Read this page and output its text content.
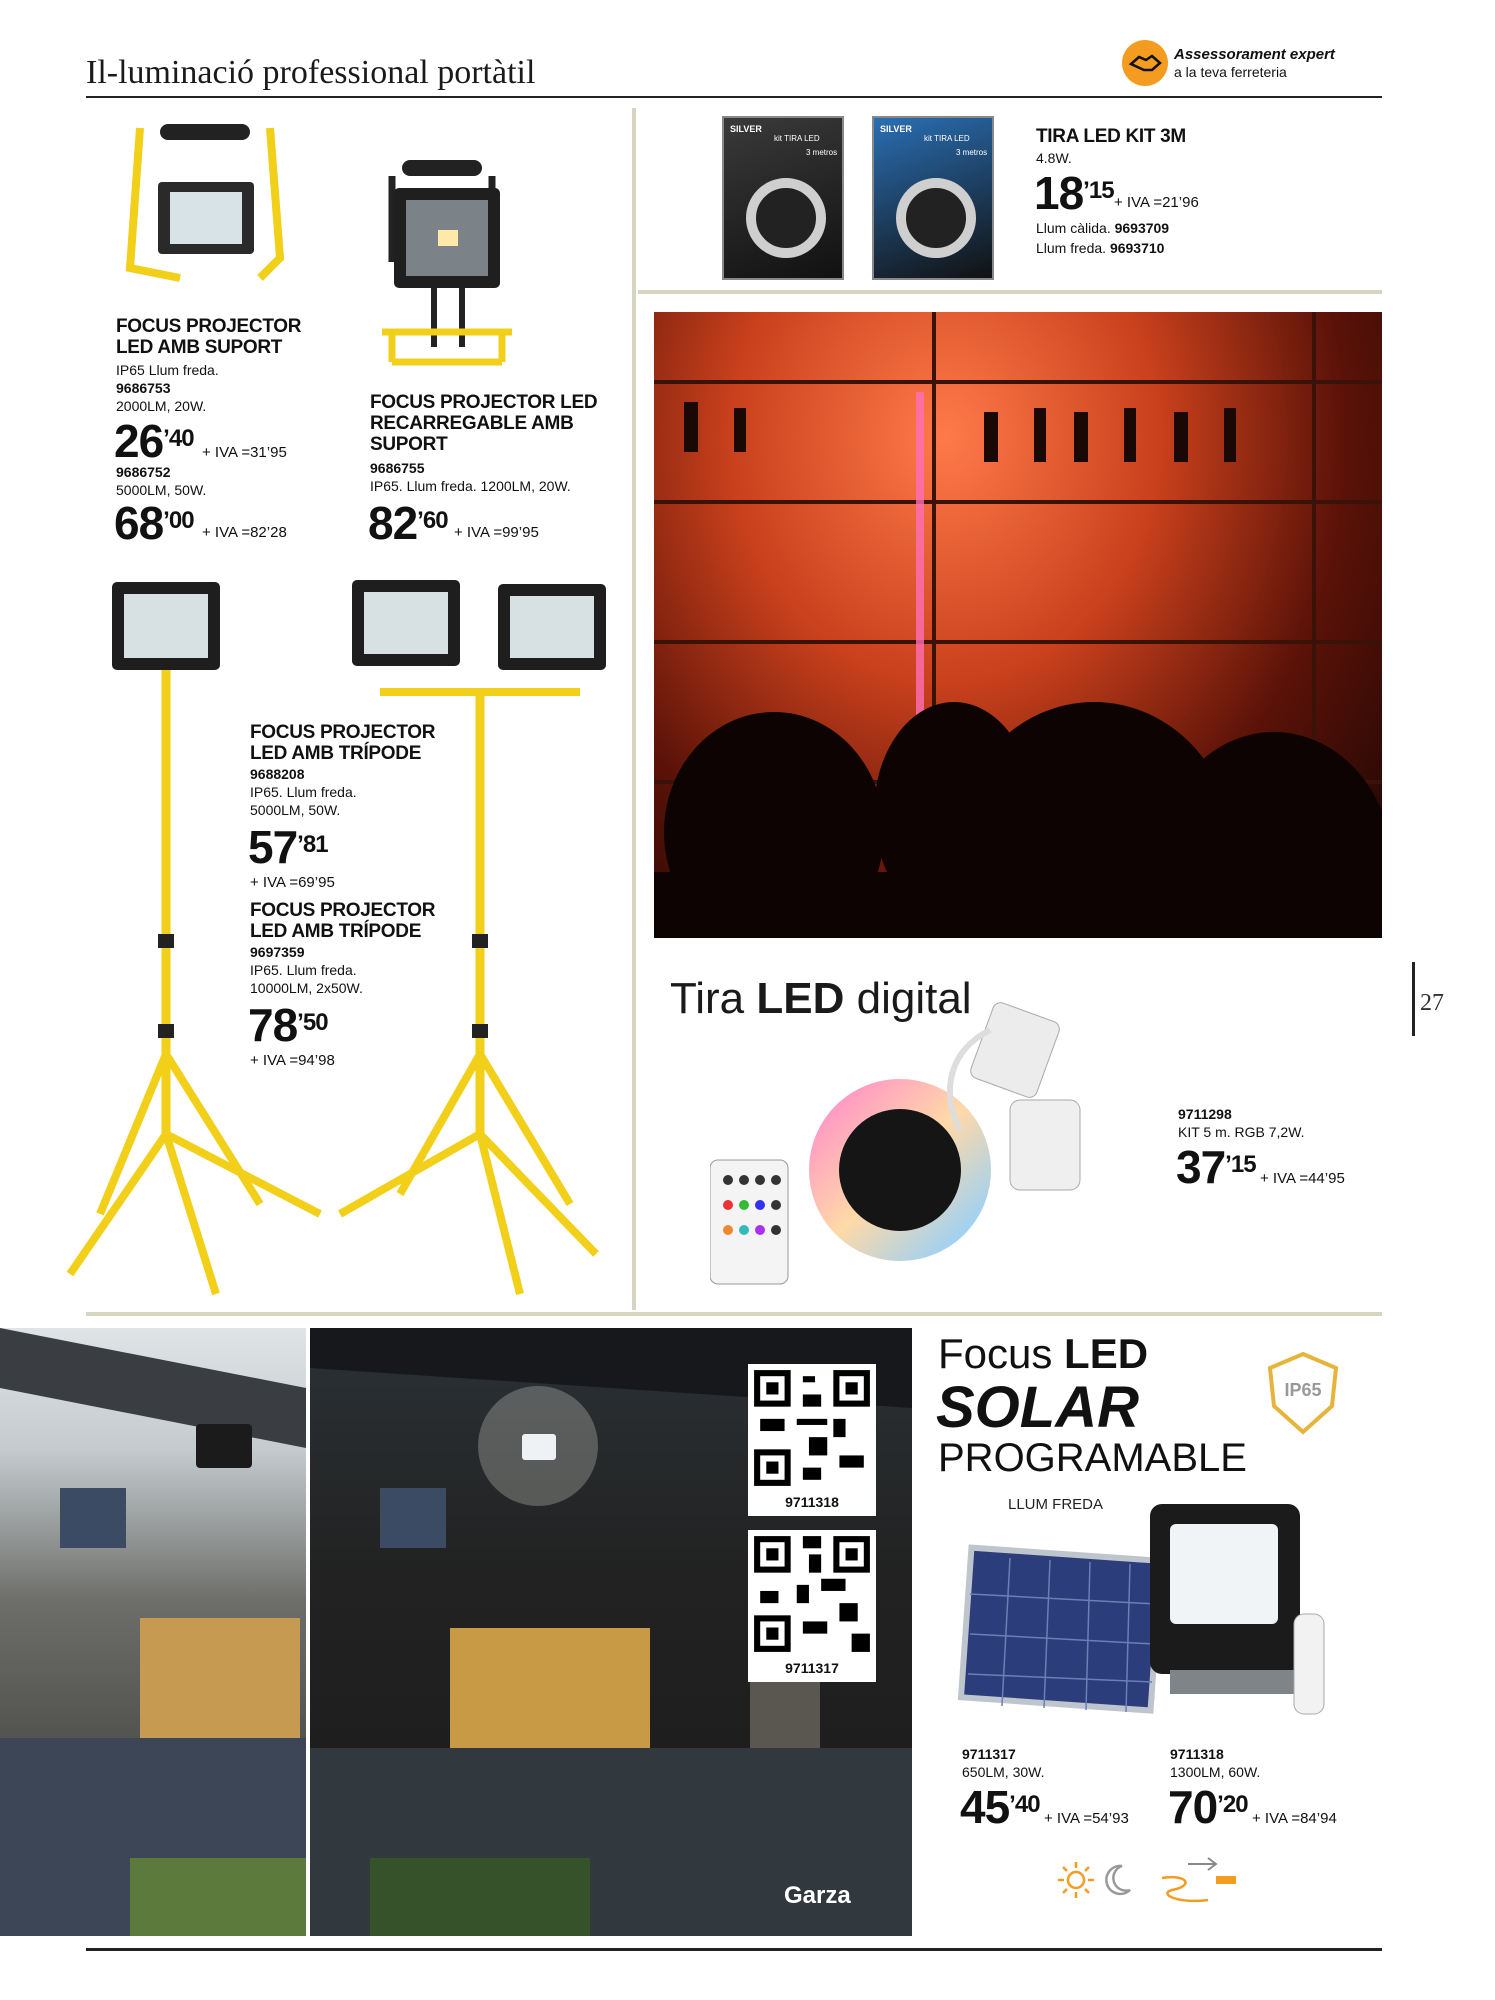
Il-luminació professional portàtil	Assessorament expert
a la teva ferreteria
27
FOCUS PROJECTOR
LED AMB SUPORT
IP65 Llum freda.
9686753
2000LM, 20W.
$26^{’40}$
+ IVA =31’95
9686752
5000LM, 50W.
$68^{’00}$ + IVA =82’28
FOCUS PROJECTOR LED
RECARREGABLE AMB
SUPORT
9686755
IP65. Llum freda. 1200LM, 20W.
$82^{’60}$ + IVA =99’95
FOCUS PROJECTOR
LED AMB TRÍPODE
9688208
IP65. Llum freda.
5000LM, 50W.
$57^{’81}$
+ IVA =69’95
FOCUS PROJECTOR
LED AMB TRÍPODE
9697359
IP65. Llum freda.
10000LM, 2x50W.
$78^{’50}$
+ IVA =94’98
SILVER
kit TIRA LED
3 metros
SILVER
kit TIRA LED
3 metros
TIRA LED KIT 3M
4.8W.
$18^{’15}$ + IVA =21’96
Llum càlida. 9693709
Llum freda. 9693710
Tira LED digital
9711298
KIT 5 m. RGB 7,2W.
$37^{’15}$
+ IVA =44’95
9711318
9711317
Garza
Focus LED
SOLAR
PROGRAMABLE
IP65
LLUM FREDA
9711317
650LM, 30W.
$45^{’40}$
+ IVA =54’93
9711318
1300LM, 60W.
$70^{’20}$
+ IVA =84’94
